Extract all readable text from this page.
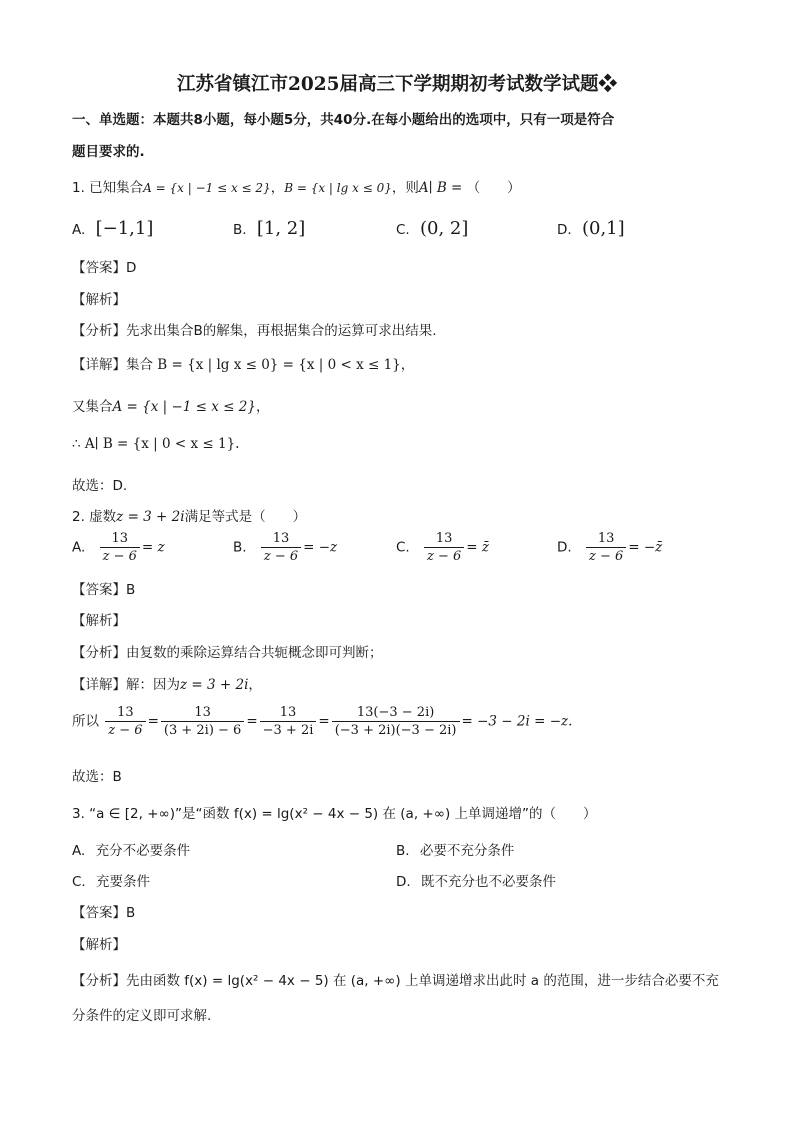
江苏省镇江市2025届高三下学期期初考试数学试题❖
一、单选题：本题共8小题，每小题5分，共40分.在每小题给出的选项中，只有一项是符合
题目要求的.
1. 已知集合A = {x | −1 ≤ x ≤ 2}，B = {x | lg x ≤ 0}，则A∣ B = （　　）
A. [−1,1]	B. [1, 2]	C. (0, 2]	D. (0,1]
【答案】D
【解析】
【分析】先求出集合B的解集，再根据集合的运算可求出结果.
【详解】集合 B = {x | lg x ≤ 0} = {x | 0 < x ≤ 1}，
又集合A = {x | −1 ≤ x ≤ 2}，
∴ A∣ B = {x | 0 < x ≤ 1}.
故选：D.
2. 虚数z = 3 + 2i满足等式是（　　）
A. $\frac{13}{z - 6} = z$	B. $\frac{13}{z - 6} = -z$	C. $\frac{13}{z - 6}$ = z̄	D. $\frac{13}{z - 6}$ = −z̄
【答案】B
【解析】
【分析】由复数的乘除运算结合共轭概念即可判断；
【详解】解：因为z = 3 + 2i，
所以 $\frac{13}{z - 6} = \frac{13}{(3 + 2i) - 6} = \frac{13}{-3 + 2i} = \frac{13(-3 - 2i)}{(-3 + 2i)(-3 - 2i)} = -3 - 2i = -z$.
故选：B
3. “a ∈ [2, +∞)”是“函数 f(x) = lg(x² − 4x − 5) 在 (a, +∞) 上单调递增”的（　　）
A. 充分不必要条件	B. 必要不充分条件
C. 充要条件	D. 既不充分也不必要条件
【答案】B
【解析】
【分析】先由函数 f(x) = lg(x² − 4x − 5) 在 (a, +∞) 上单调递增求出此时 a 的范围，进一步结合必要不充
分条件的定义即可求解.
